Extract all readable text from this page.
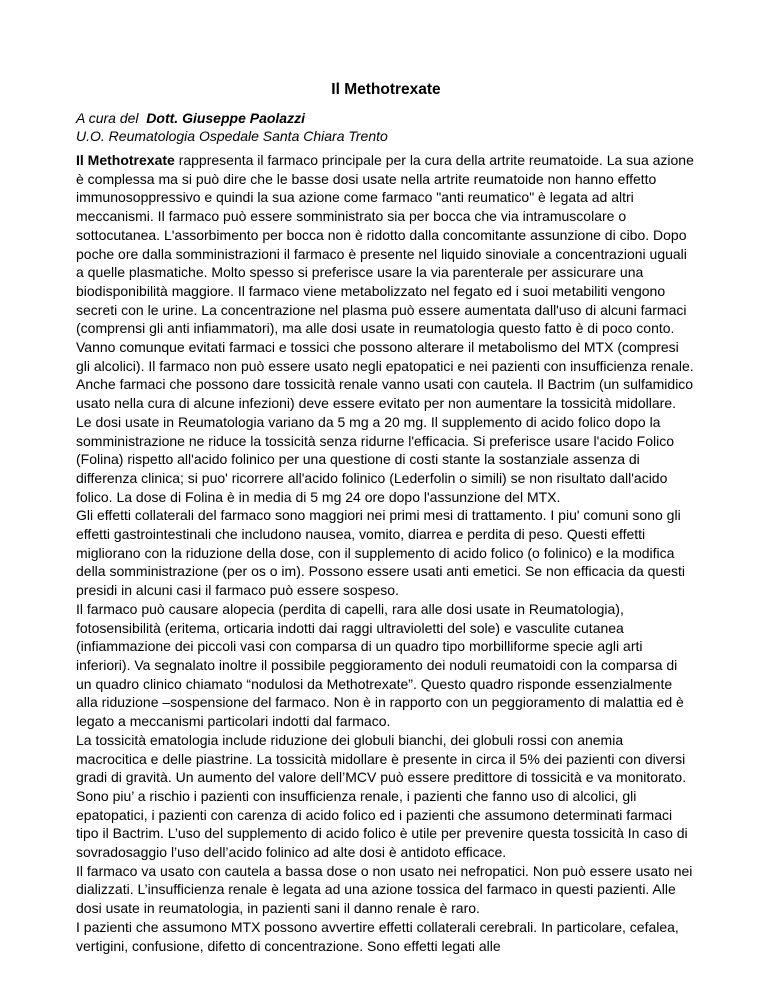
Il Methotrexate
A cura del Dott. Giuseppe Paolazzi
U.O. Reumatologia Ospedale Santa Chiara Trento

Il Methotrexate rappresenta il farmaco principale per la cura della artrite reumatoide. La sua azione è complessa ma si può dire che le basse dosi usate nella artrite reumatoide non hanno effetto immunosoppressivo e quindi la sua azione come farmaco "anti reumatico" è legata ad altri meccanismi. Il farmaco può essere somministrato sia per bocca che via intramuscolare o sottocutanea. L'assorbimento per bocca non è ridotto dalla concomitante assunzione di cibo. Dopo poche ore dalla somministrazioni il farmaco è presente nel liquido sinoviale a concentrazioni uguali a quelle plasmatiche. Molto spesso si preferisce usare la via parenterale per assicurare una biodisponibilità maggiore. Il farmaco viene metabolizzato nel fegato ed i suoi metabiliti vengono secreti con le urine. La concentrazione nel plasma può essere aumentata dall'uso di alcuni farmaci (comprensi gli anti infiammatori), ma alle dosi usate in reumatologia questo fatto è di poco conto. Vanno comunque evitati farmaci e tossici che possono alterare il metabolismo del MTX (compresi gli alcolici). Il farmaco non può essere usato negli epatopatici e nei pazienti con insufficienza renale. Anche farmaci che possono dare tossicità renale vanno usati con cautela. Il Bactrim (un sulfamidico usato nella cura di alcune infezioni) deve essere evitato per non aumentare la tossicità midollare.

Le dosi usate in Reumatologia variano da 5 mg a 20 mg. Il supplemento di acido folico dopo la somministrazione ne riduce la tossicità senza ridurne l'efficacia. Si preferisce usare l'acido Folico (Folina) rispetto all'acido folinico per una questione di costi stante la sostanziale assenza di differenza clinica; si puo' ricorrere all'acido folinico (Lederfolin o simili) se non risultato dall'acido folico. La dose di Folina è in media di 5 mg 24 ore dopo l'assunzione del MTX.

Gli effetti collaterali del farmaco sono maggiori nei primi mesi di trattamento. I piu' comuni sono gli effetti gastrointestinali che includono nausea, vomito, diarrea e perdita di peso. Questi effetti migliorano con la riduzione della dose, con il supplemento di acido folico (o folinico) e la modifica della somministrazione (per os o im). Possono essere usati anti emetici. Se non efficacia da questi presidi in alcuni casi il farmaco può essere sospeso.

Il farmaco può causare alopecia (perdita di capelli, rara alle dosi usate in Reumatologia), fotosensibilità (eritema, orticaria indotti dai raggi ultravioletti del sole) e vasculite cutanea (infiammazione dei piccoli vasi con comparsa di un quadro tipo morbilliforme specie agli arti inferiori). Va segnalato inoltre il possibile peggioramento dei noduli reumatoidi con la comparsa di un quadro clinico chiamato “nodulosi da Methotrexate”. Questo quadro risponde essenzialmente alla riduzione –sospensione del farmaco. Non è in rapporto con un peggioramento di malattia ed è legato a meccanismi particolari indotti dal farmaco.

La tossicità ematologia include riduzione dei globuli bianchi, dei globuli rossi con anemia macrocitica e delle piastrine. La tossicità midollare è presente in circa il 5% dei pazienti con diversi gradi di gravità. Un aumento del valore dell’MCV può essere predittore di tossicità e va monitorato. Sono piu’ a rischio i pazienti con insufficienza renale, i pazienti che fanno uso di alcolici, gli epatopatici, i pazienti con carenza di acido folico ed i pazienti che assumono determinati farmaci tipo il Bactrim. L’uso del supplemento di acido folico è utile per prevenire questa tossicità In caso di sovradosaggio l’uso dell’acido folinico ad alte dosi è antidoto efficace.

Il farmaco va usato con cautela a bassa dose o non usato nei nefropatici. Non può essere usato nei dializzati. L’insufficienza renale è legata ad una azione tossica del farmaco in questi pazienti. Alle dosi usate in reumatologia, in pazienti sani il danno renale è raro.

I pazienti che assumono MTX possono avvertire effetti collaterali cerebrali. In particolare, cefalea, vertigini, confusione, difetto di concentrazione. Sono effetti legati alle
